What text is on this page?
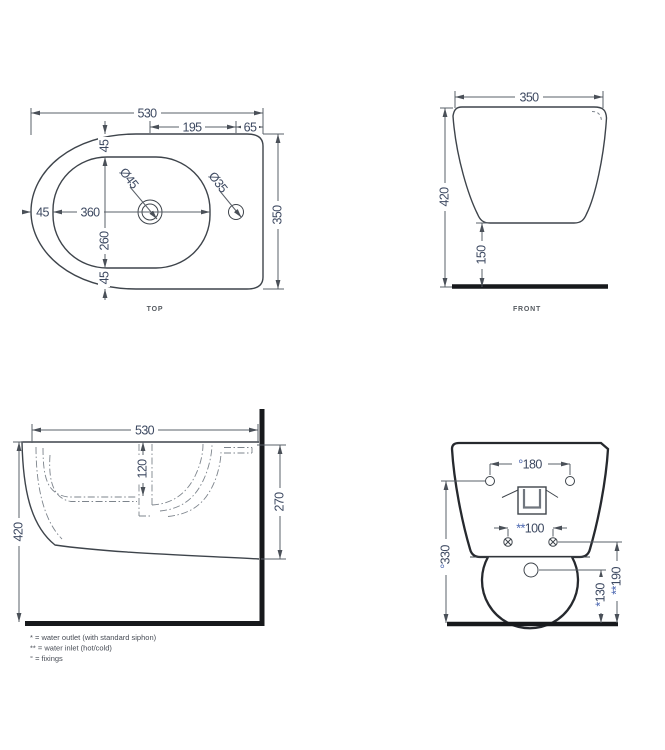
530
195	65
45
260
45
45	360	350
Ø45	Ø35
TOP
350
420
150
FRONT
530
120
270
420
°180
**100
°330
**190
*130
* = water outlet (with standard siphon)
** = water inlet (hot/cold)
° = fixings
